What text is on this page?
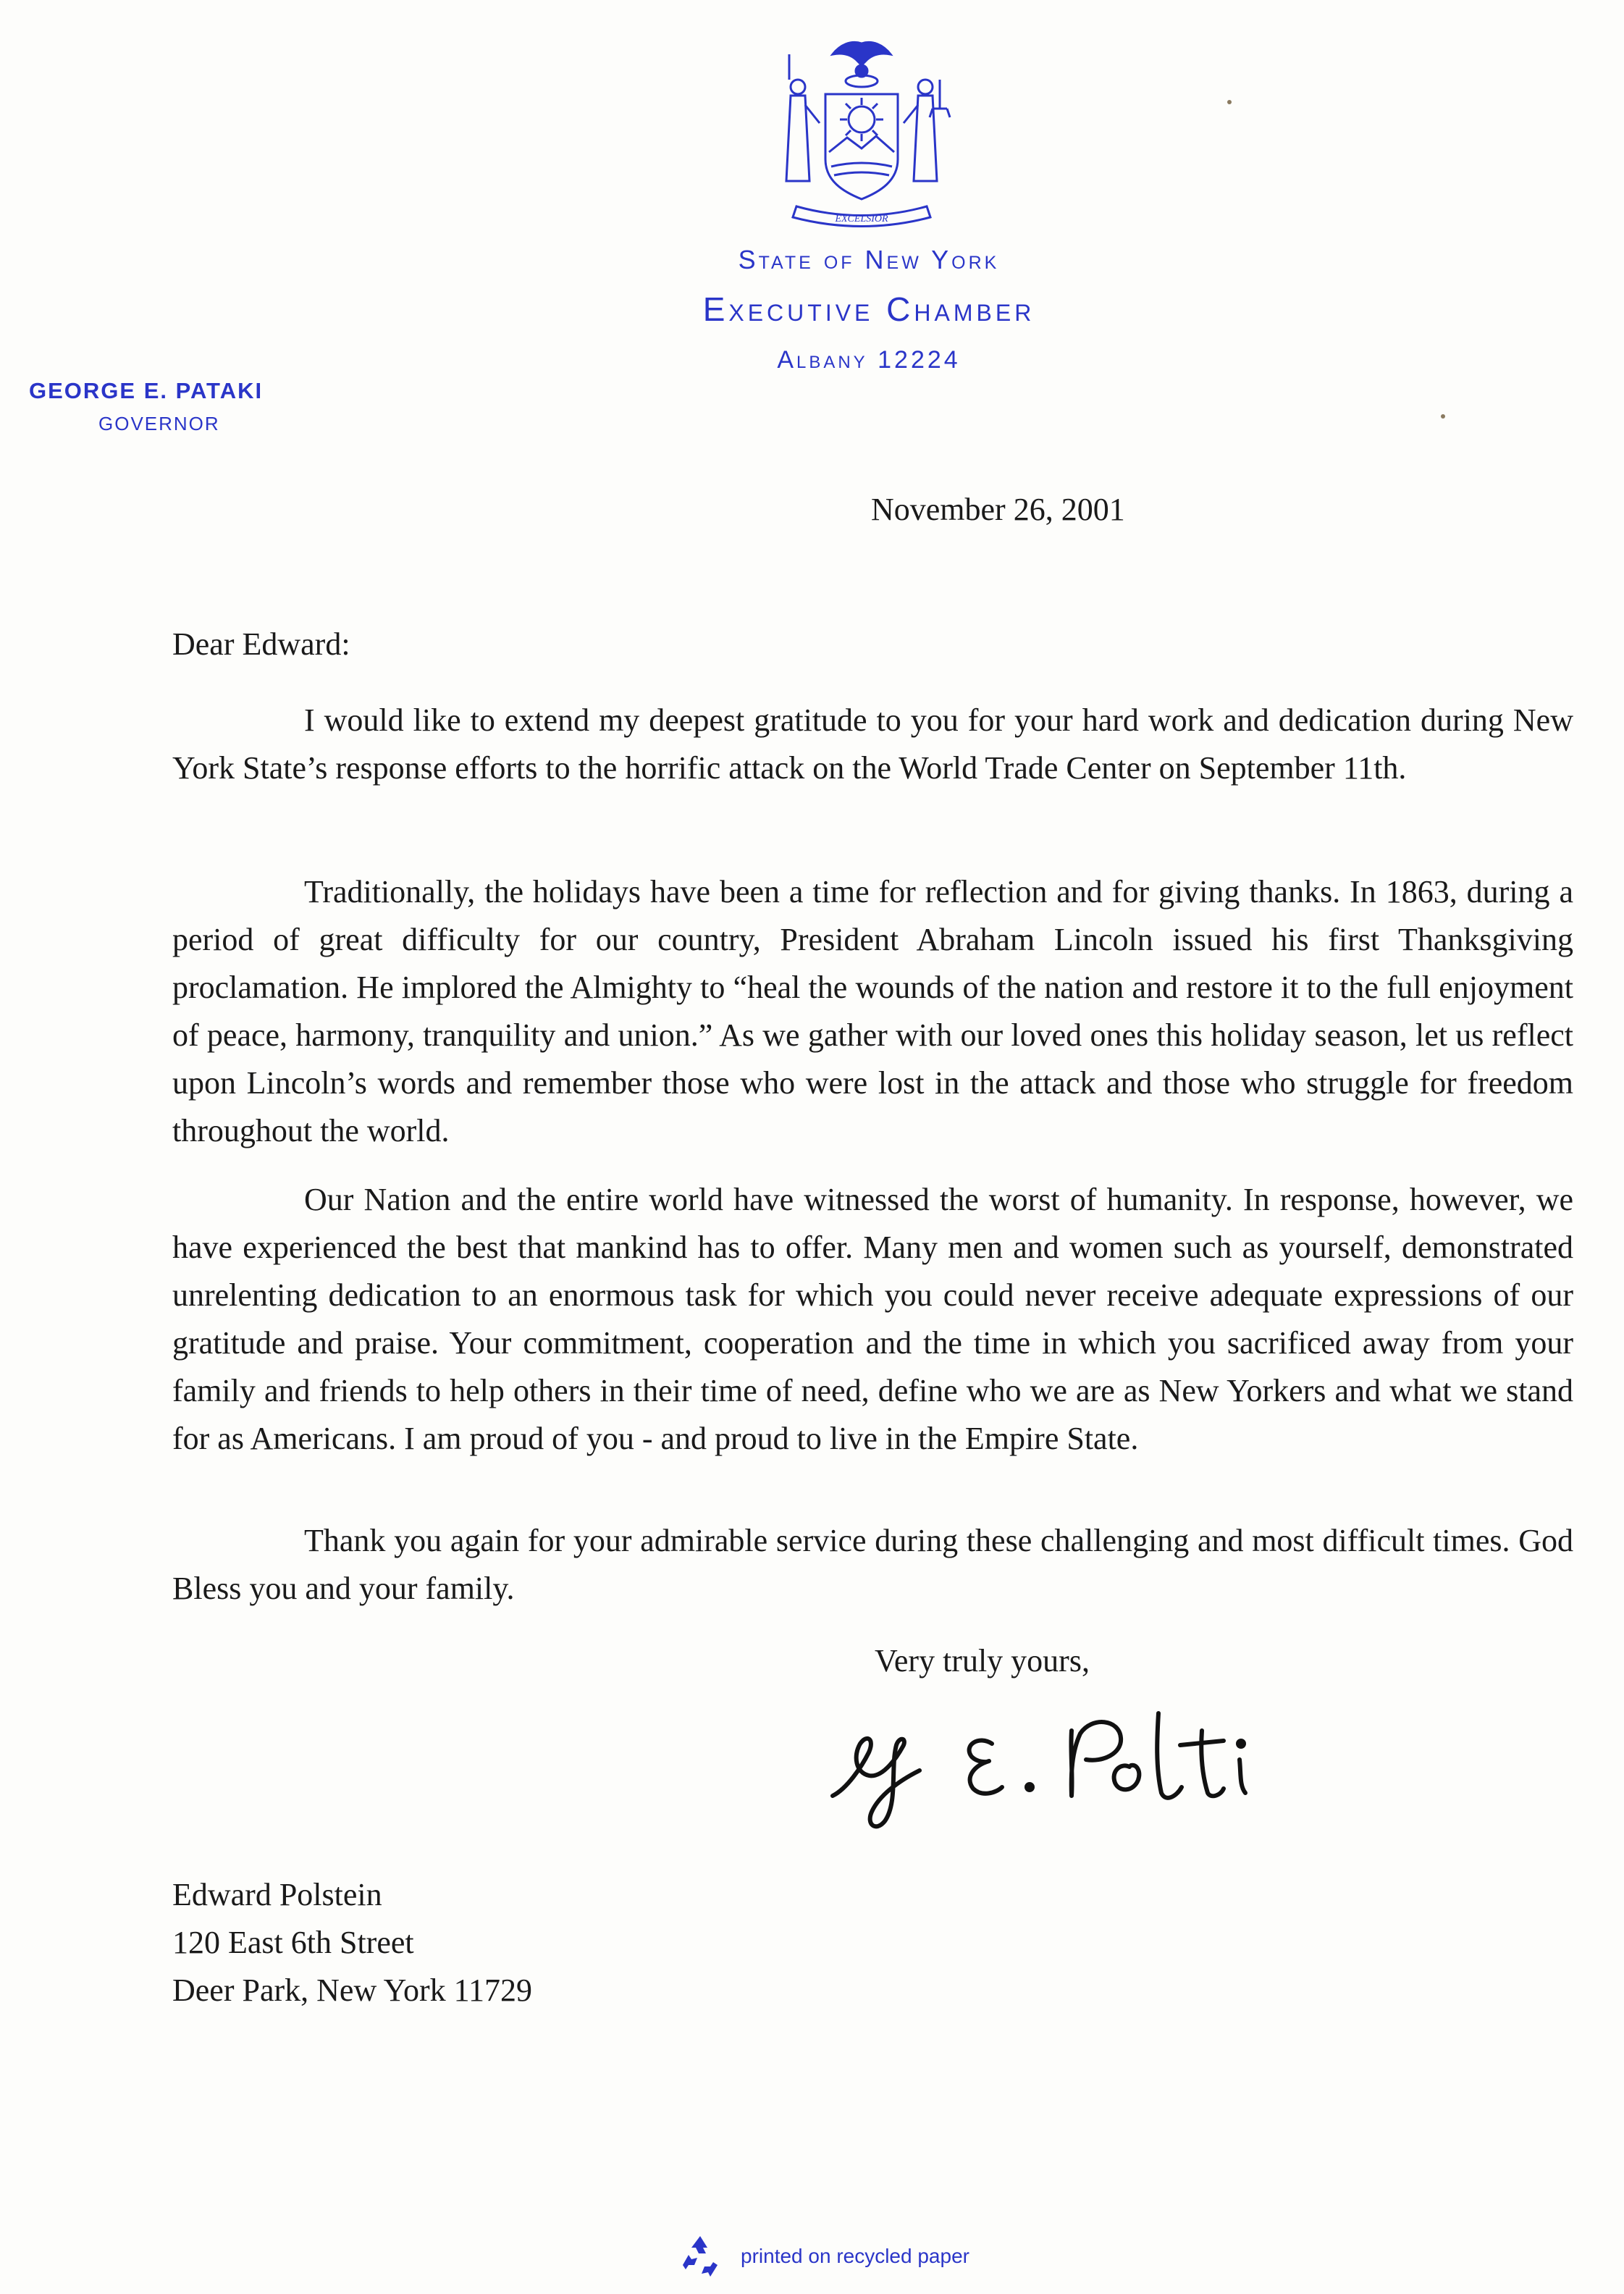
EXCELSIOR
State of New York
Executive Chamber
Albany 12224
GEORGE E. PATAKI
GOVERNOR
November 26, 2001
Dear Edward:

I would like to extend my deepest gratitude to you for your hard work and dedication during New York State’s response efforts to the horrific attack on the World Trade Center on September 11th.

Traditionally, the holidays have been a time for reflection and for giving thanks. In 1863, during a period of great difficulty for our country, President Abraham Lincoln issued his first Thanksgiving proclamation. He implored the Almighty to “heal the wounds of the nation and restore it to the full enjoyment of peace, harmony, tranquility and union.” As we gather with our loved ones this holiday season, let us reflect upon Lincoln’s words and remember those who were lost in the attack and those who struggle for freedom throughout the world.

Our Nation and the entire world have witnessed the worst of humanity. In response, however, we have experienced the best that mankind has to offer. Many men and women such as yourself, demonstrated unrelenting dedication to an enormous task for which you could never receive adequate expressions of our gratitude and praise. Your commitment, cooperation and the time in which you sacrificed away from your family and friends to help others in their time of need, define who we are as New Yorkers and what we stand for as Americans. I am proud of you - and proud to live in the Empire State.

Thank you again for your admirable service during these challenging and most difficult times. God Bless you and your family.

Very truly yours,
Edward Polstein
120 East 6th Street
Deer Park, New York 11729
printed on recycled paper
